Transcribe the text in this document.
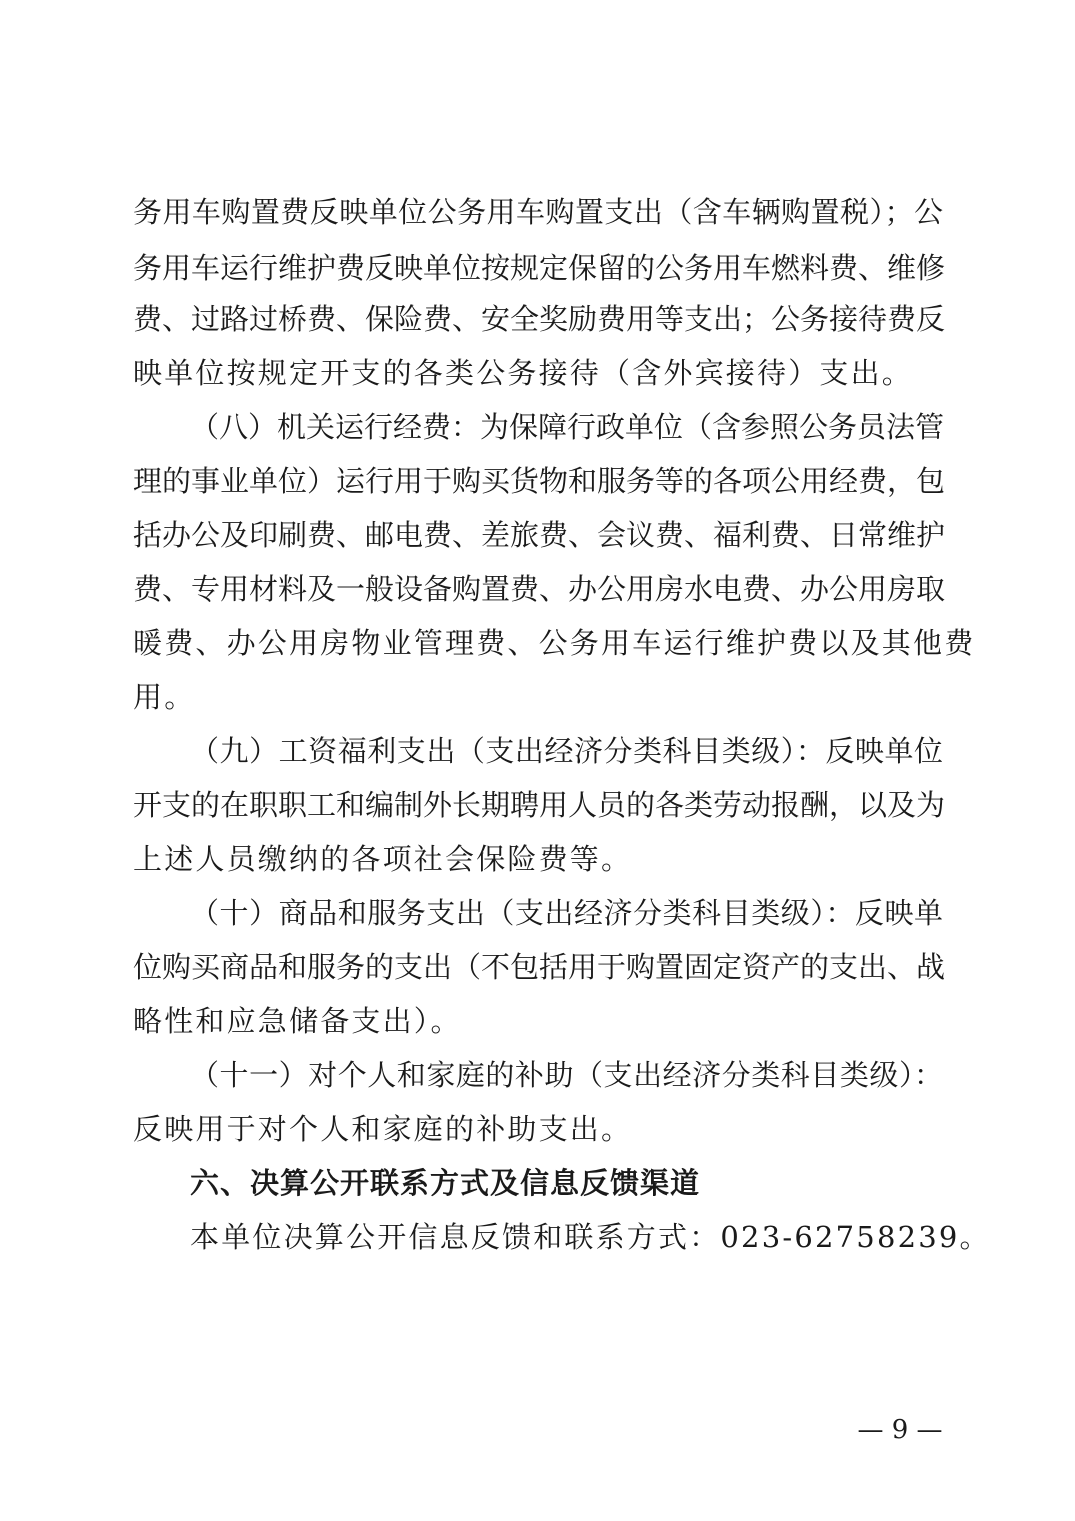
务用车购置费反映单位公务用车购置支出（含车辆购置税）；公
务用车运行维护费反映单位按规定保留的公务用车燃料费、维修
费、过路过桥费、保险费、安全奖励费用等支出；公务接待费反
映单位按规定开支的各类公务接待（含外宾接待）支出。
（八）机关运行经费：为保障行政单位（含参照公务员法管
理的事业单位）运行用于购买货物和服务等的各项公用经费，包
括办公及印刷费、邮电费、差旅费、会议费、福利费、日常维护
费、专用材料及一般设备购置费、办公用房水电费、办公用房取
暖费、办公用房物业管理费、公务用车运行维护费以及其他费
用。
（九）工资福利支出（支出经济分类科目类级）：反映单位
开支的在职职工和编制外长期聘用人员的各类劳动报酬，以及为
上述人员缴纳的各项社会保险费等。
（十）商品和服务支出（支出经济分类科目类级）：反映单
位购买商品和服务的支出（不包括用于购置固定资产的支出、战
略性和应急储备支出）。
（十一）对个人和家庭的补助（支出经济分类科目类级）：
反映用于对个人和家庭的补助支出。
六、决算公开联系方式及信息反馈渠道
本单位决算公开信息反馈和联系方式：023-62758239。
— 9 —
